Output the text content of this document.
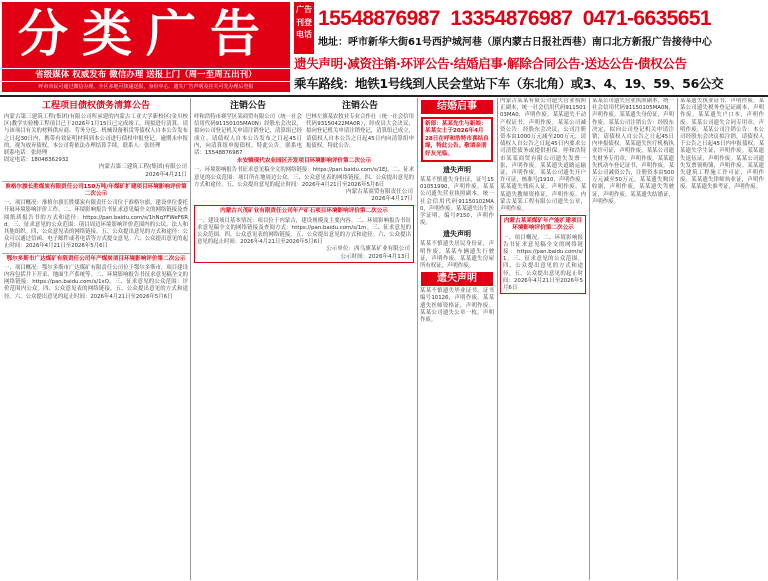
分类广告
省级媒体 权威发布 微信办理 送报上门（周一至周五出刊）
呼市市民可通过微信办理，全区多地可快递送报，身份中心、遗失广告声明及挂失可先办理后登报
广告刊登电话
15548876987 13354876987 0471-6635651
地址：呼市新华大街61号西护城河巷（原内蒙古日报社西巷）南口北方新报广告接待中心
遗失声明·减资注销·环评公告·结婚启事·解除合同公告·送达公告·债权公告
乘车路线：地铁1号线到人民会堂站下车（东北角）或3、4、19、59、56公交
工程项目债权债务清算公告
内蒙古第三建筑工程(集团)有限公司所承建的内蒙古工业大学新校区(金川校区)教学实验楼工程项目已于2026年1月15日已完成竣工，现拟进行清算。请与该项目有关的材料供应商、劳务分包、机械设备租赁等债权人自本公告发布之日起30日内，携带有效证明材料到本公司进行债权申报登记。逾期未申报的，视为放弃债权，本公司将依法办理结算手续。联系人：张经理
联系电话：张经理
固定电话：18048362932
内蒙古第三建筑工程(集团)有限公司
2026年4月21日
准格尔旗长胜煤炭有限责任公司150万吨/年煤矿扩建项目环境影响评价第二次公示
一、项目概况：准格尔旗长胜煤炭有限责任公司位于准格尔旗，建设单位委托开展环境影响评价工作。二、环境影响报告书征求意见稿全文的网络链接及查阅纸质报告书的方式和途径：https://pan.baidu.com/s/1hNqYFWeF6Rd。三、征求意见的公众范围：项目周边环境影响评价范围内的公民、法人和其他组织。四、公众意见表的网络链接。五、公众提出意见的方式和途径：公众可以通过信函、电子邮件或者电话等方式提交意见。六、公众提出意见的起止时间：2026年4月21日至2026年5月6日
鄂尔多斯市广达煤矿有限责任公司年产煤炭项目环境影响评价第二次公示
一、项目概况：鄂尔多斯市广达煤矿有限责任公司位于鄂尔多斯市，项目建设内容包括井下开采、地面生产系统等。二、环境影响报告书征求意见稿全文的网络链接：https://pan.baidu.com/s/1xQ。三、征求意见的公众范围：评价范围内公众。四、公众意见表的网络链接。五、公众提出意见的方式和途径。六、公众提出意见的起止时间：2026年4月21日至2026年5月6日
注销公告
呼和浩特市赛罕区某商贸有限公司（统一社会信用代码91150105MA0N）经股东会决议，拟向公司登记机关申请注销登记，清算组已经成立。请债权人自本公告发布之日起45日内，向清算组申报债权。特此公告。联系电话：15548876987
注销公告
巴林左旗某农牧业专业合作社（统一社会信用代码93150422MA0R），经成员大会决议，拟向登记机关申请注销登记，清算组已成立，请债权人自本公告之日起45日内向清算组申报债权。特此公告。
永安镇现代农业园区开发项目环境影响评价第二次公示
一、环境影响报告书征求意见稿全文的网络链接：https://pan.baidu.com/s/1EJ。二、征求意见的公众范围：项目所在地周边公众。三、公众意见表的网络链接。四、公众提出意见的方式和途径。五、公众提出意见的起止时间：2026年4月21日至2026年5月6日
内蒙古某商贸有限责任公司
2026年4月17日
内蒙古兴茂矿业有限责任公司年产矿石项目环境影响评价第二次公示
一、建设项目基本情况：项目位于内蒙古，建设规模及主要内容。二、环境影响报告书征求意见稿全文的网络链接及查阅方式：https://pan.baidu.com/s/1m。三、征求意见的公众范围。四、公众意见表的网络链接。五、公众提出意见的方式和途径。六、公众提出意见的起止时间：2026年4月21日至2026年5月6日
公示单位：西乌旗某矿业有限公司
公示时间：2026年4月13日
结婚启事
新郎：某某先生与新娘：某某女士于2026年4月28日在呼和浩特市喜结良缘，特此公告。敬请亲朋好友光临。
遗失声明
某某不慎遗失身份证，证号1501051990，声明作废。某某公司遗失营业执照副本，统一社会信用代码91150102MA0，声明作废。某某遗失出生医学证明，编号P150，声明作废。
遗失声明
某某不慎遗失居民身份证，声明作废。某某车辆遗失行驶证，声明作废。某某遗失房屋所有权证，声明作废。
遗失声明
某某不慎遗失毕业证书，证书编号10126，声明作废。某某遗失医师资格证，声明作废。某某公司遗失公章一枚，声明作废。
内蒙古某某有限公司遗失营业执照正副本，统一社会信用代码91150103MA0，声明作废。某某遗失不动产权证书，声明作废。某某公司减资公告：经股东会决议，公司注册资本由1000万元减至200万元，请债权人自公告之日起45日内要求公司清偿债务或提供担保。呼和浩特市某某商贸有限公司遗失发票一张，声明作废。某某遗失道路运输证，声明作废。某某公司遗失开户许可证，核准号J1910，声明作废。某某遗失残疾人证，声明作废。某某遗失教师资格证，声明作废。内蒙古某某工程有限公司遗失公章，声明作废。
内蒙古某某煤矿年产能扩建项目环境影响评价第二次公示
一、项目概况。二、环境影响报告书征求意见稿全文的网络链接：https://pan.baidu.com/s/1。三、征求意见的公众范围。四、公众提出意见的方式和途径。五、公众提出意见的起止时间：2026年4月21日至2026年5月6日
某某公司遗失营业执照副本，统一社会信用代码91150105MA0N，声明作废。某某遗失身份证，声明作废。某某公司注销公告：经股东决定，拟向公司登记机关申请注销，请债权人自公告之日起45日内申报债权。某某遗失医疗机构执业许可证，声明作废。某某公司遗失财务专用章，声明作废。某某遗失机动车登记证书，声明作废。某某公司减资公告，注册资本由500万元减至50万元。某某遗失购房收据，声明作废。某某遗失驾驶证，声明作废。某某遗失结婚证，声明作废。
某某遗失执业证书，声明作废。某某公司遗失税务登记证副本，声明作废。某某遗失户口本，声明作废。某某公司遗失合同专用章，声明作废。某某公司注销公告：本公司经股东会决议拟注销，请债权人于公告之日起45日内申报债权。某某遗失学生证，声明作废。某某遗失退伍证，声明作废。某某公司遗失发票领购簿，声明作废。某某遗失建筑工程施工许可证，声明作废。某某遗失律师执业证，声明作废。某某遗失准考证，声明作废。
